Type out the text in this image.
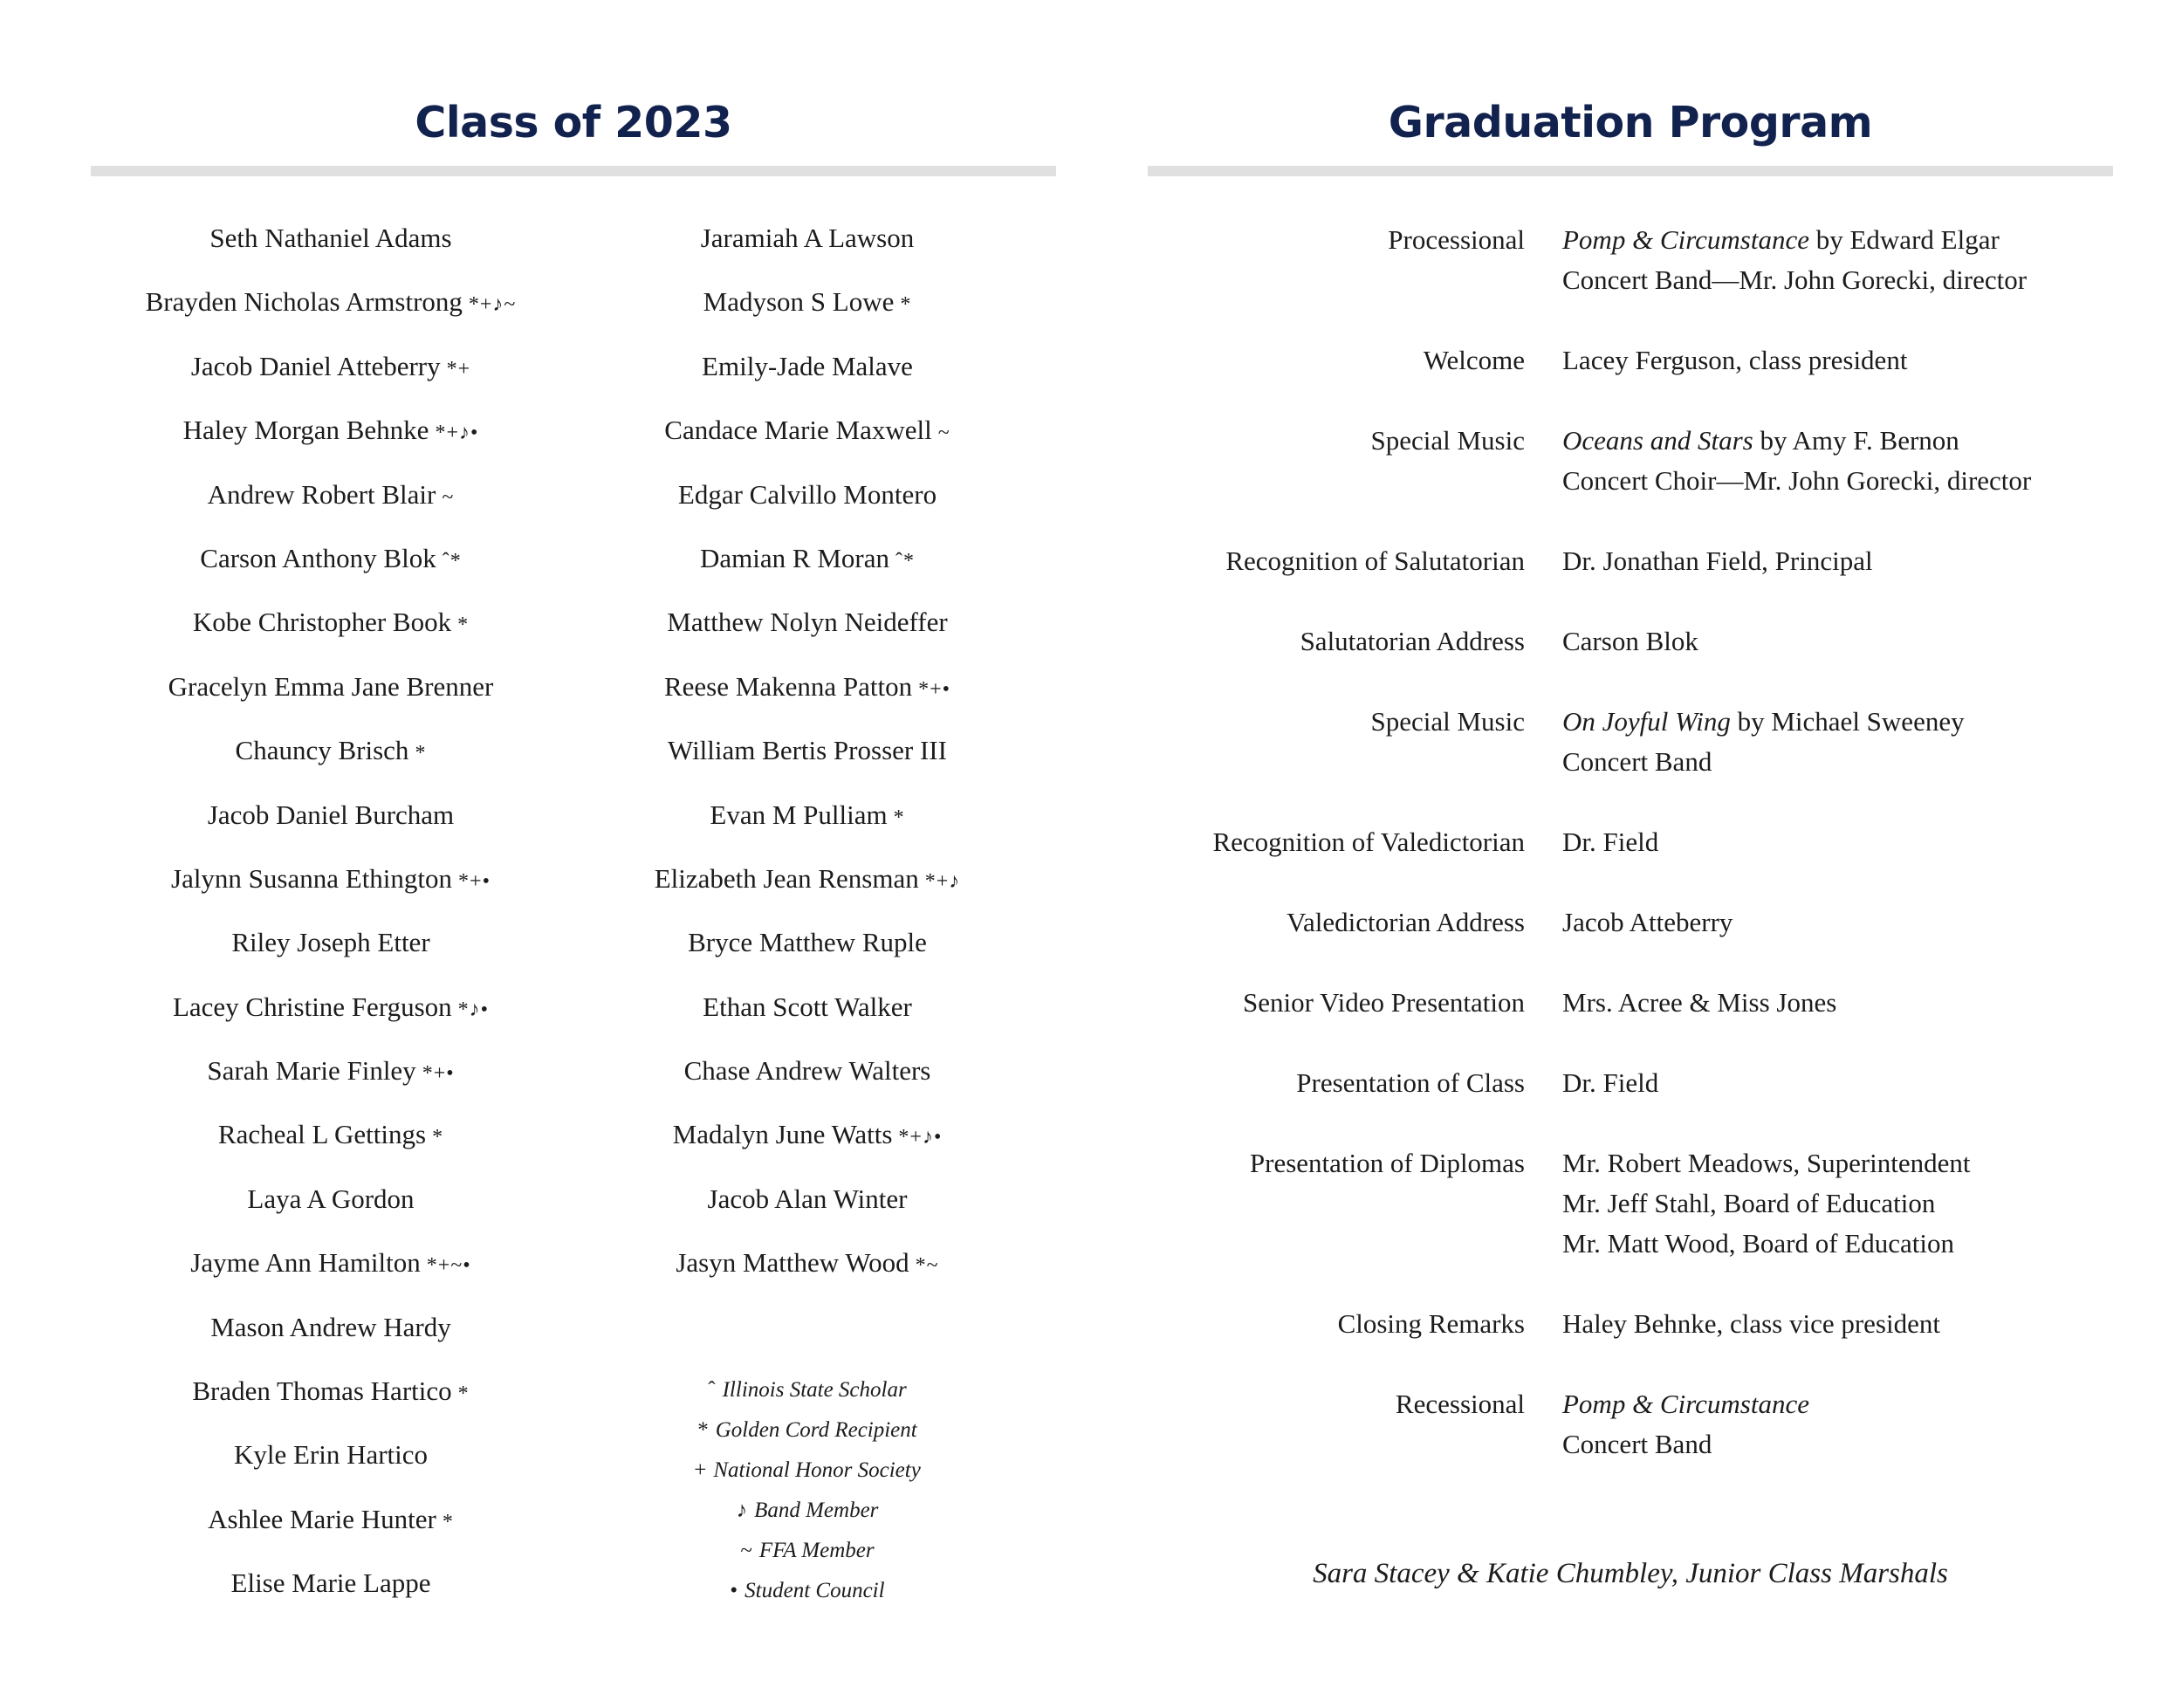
Class of 2023
Seth Nathaniel Adams
Brayden Nicholas Armstrong *+♪~
Jacob Daniel Atteberry *+
Haley Morgan Behnke *+♪•
Andrew Robert Blair ~
Carson Anthony Blok ˆ*
Kobe Christopher Book *
Gracelyn Emma Jane Brenner
Chauncy Brisch *
Jacob Daniel Burcham
Jalynn Susanna Ethington *+•
Riley Joseph Etter
Lacey Christine Ferguson *♪•
Sarah Marie Finley *+•
Racheal L Gettings *
Laya A Gordon
Jayme Ann Hamilton *+~•
Mason Andrew Hardy
Braden Thomas Hartico *
Kyle Erin Hartico
Ashlee Marie Hunter *
Elise Marie Lappe
Jaramiah A Lawson
Madyson S Lowe *
Emily-Jade Malave
Candace Marie Maxwell ~
Edgar Calvillo Montero
Damian R Moran ˆ*
Matthew Nolyn Neideffer
Reese Makenna Patton *+•
William Bertis Prosser III
Evan M Pulliam *
Elizabeth Jean Rensman *+♪
Bryce Matthew Ruple
Ethan Scott Walker
Chase Andrew Walters
Madalyn June Watts *+♪•
Jacob Alan Winter
Jasyn Matthew Wood *~
ˆ Illinois State Scholar
* Golden Cord Recipient
+ National Honor Society
♪ Band Member
~ FFA Member
• Student Council
Graduation Program
Processional Pomp & Circumstance by Edward Elgar
Concert Band—Mr. John Gorecki, director
Welcome Lacey Ferguson, class president
Special Music Oceans and Stars by Amy F. Bernon
Concert Choir—Mr. John Gorecki, director
Recognition of Salutatorian Dr. Jonathan Field, Principal
Salutatorian Address Carson Blok
Special Music On Joyful Wing by Michael Sweeney
Concert Band
Recognition of Valedictorian Dr. Field
Valedictorian Address Jacob Atteberry
Senior Video Presentation Mrs. Acree & Miss Jones
Presentation of Class Dr. Field
Presentation of Diplomas Mr. Robert Meadows, Superintendent
Mr. Jeff Stahl, Board of Education
Mr. Matt Wood, Board of Education
Closing Remarks Haley Behnke, class vice president
Recessional Pomp & Circumstance
Concert Band
Sara Stacey & Katie Chumbley, Junior Class Marshals
